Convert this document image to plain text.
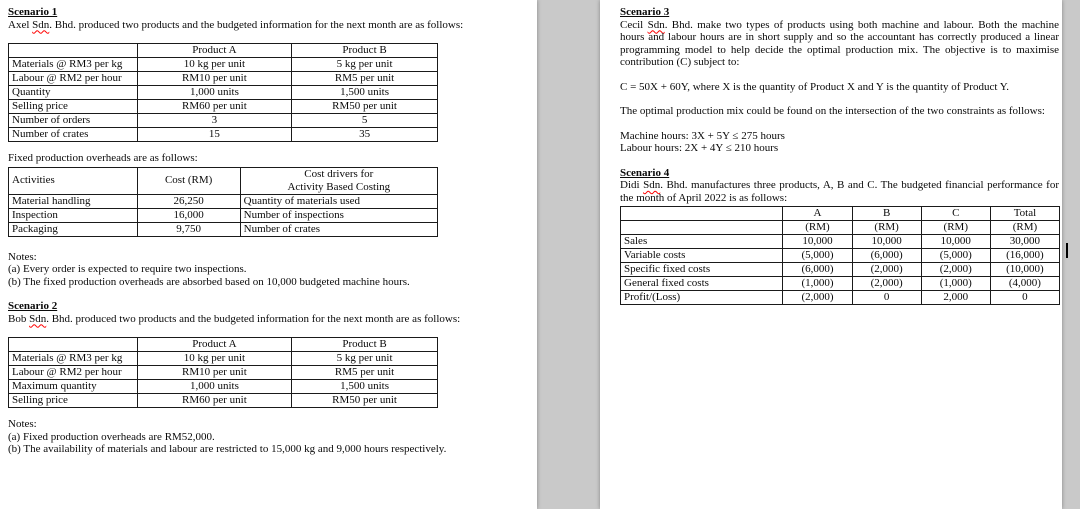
Scenario 1

Axel Sdn. Bhd. produced two products and the budgeted information for the next month are as follows:

	Product A	Product B
Materials @ RM3 per kg	10 kg per unit	5 kg per unit
Labour @ RM2 per hour	RM10 per unit	RM5 per unit
Quantity	1,000 units	1,500 units
Selling price	RM60 per unit	RM50 per unit
Number of orders	3	5
Number of crates	15	35

Fixed production overheads are as follows:

Activities	Cost (RM)	Cost drivers for
Activity Based Costing
Material handling	26,250	Quantity of materials used
Inspection	16,000	Number of inspections
Packaging	9,750	Number of crates

Notes:

(a) Every order is expected to require two inspections.

(b) The fixed production overheads are absorbed based on 10,000 budgeted machine hours.

Scenario 2

Bob Sdn. Bhd. produced two products and the budgeted information for the next month are as follows:

	Product A	Product B
Materials @ RM3 per kg	10 kg per unit	5 kg per unit
Labour @ RM2 per hour	RM10 per unit	RM5 per unit
Maximum quantity	1,000 units	1,500 units
Selling price	RM60 per unit	RM50 per unit

Notes:

(a) Fixed production overheads are RM52,000.

(b) The availability of materials and labour are restricted to 15,000 kg and 9,000 hours respectively.

Scenario 3

Cecil Sdn. Bhd. make two types of products using both machine and labour. Both the machine hours and labour hours are in short supply and so the accountant has correctly produced a linear programming model to help decide the optimal production mix. The objective is to maximise contribution (C) subject to:

C = 50X + 60Y, where X is the quantity of Product X and Y is the quantity of Product Y.

The optimal production mix could be found on the intersection of the two constraints as follows:

Machine hours: 3X + 5Y ≤ 275 hours

Labour hours: 2X + 4Y ≤ 210 hours

Scenario 4

Didi Sdn. Bhd. manufactures three products, A, B and C. The budgeted financial performance for the month of April 2022 is as follows:

	A	B	C	Total
	(RM)	(RM)	(RM)	(RM)
Sales	10,000	10,000	10,000	30,000
Variable costs	(5,000)	(6,000)	(5,000)	(16,000)
Specific fixed costs	(6,000)	(2,000)	(2,000)	(10,000)
General fixed costs	(1,000)	(2,000)	(1,000)	(4,000)
Profit/(Loss)	(2,000)	0	2,000	0
